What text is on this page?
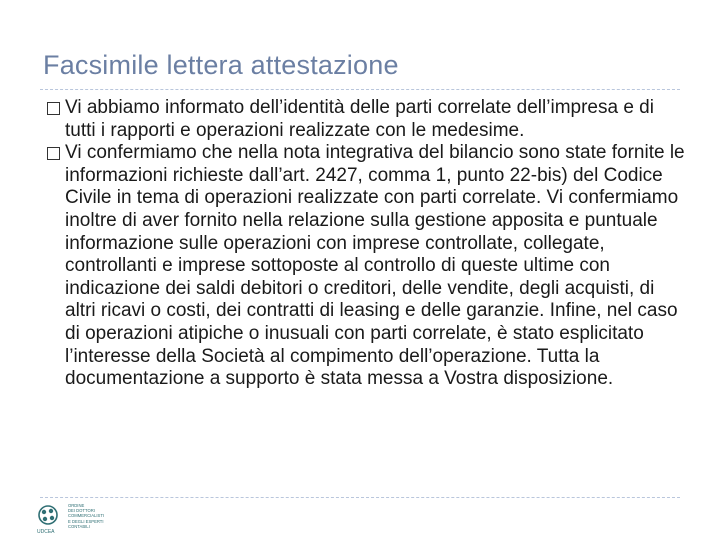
Facsimile lettera attestazione
Vi abbiamo informato dell’identità delle parti correlate dell’impresa e di tutti i rapporti e operazioni realizzate con le medesime.
Vi confermiamo che nella nota integrativa del bilancio sono state fornite le informazioni richieste dall’art. 2427, comma 1, punto 22-bis) del Codice Civile in tema di operazioni realizzate con parti correlate. Vi confermiamo inoltre di aver fornito nella relazione sulla gestione apposita e puntuale informazione sulle operazioni con imprese controllate, collegate, controllanti e imprese sottoposte al controllo di queste ultime con indicazione dei saldi debitori o creditori, delle vendite, degli acquisti, di altri ricavi o costi, dei contratti di leasing e delle garanzie. Infine, nel caso di operazioni atipiche o inusuali con parti correlate, è stato esplicitato l’interesse della Società al compimento dell’operazione. Tutta la documentazione a supporto è stata messa a Vostra disposizione.
UDCEA
ORDINE
DEI DOTTORI
COMMERCIALISTI
E DEGLI ESPERTI
CONTABILI
